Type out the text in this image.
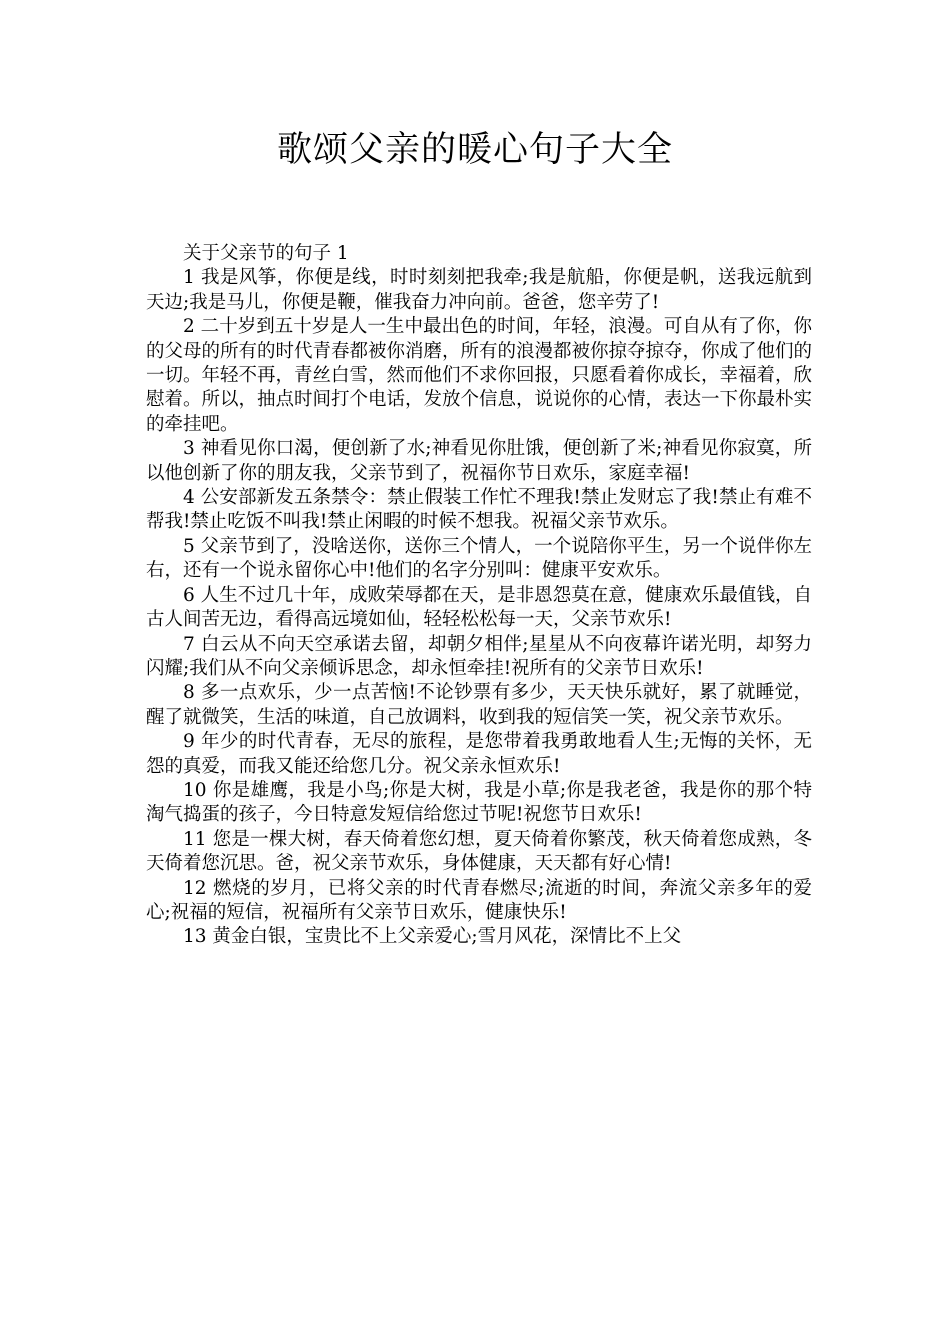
歌颂父亲的暖心句子大全

关于父亲节的句子 1

1 我是风筝，你便是线，时时刻刻把我牵;我是航船，你便是帆，送我远航到天边;我是马儿，你便是鞭，催我奋力冲向前。爸爸，您辛劳了!

2 二十岁到五十岁是人一生中最出色的时间，年轻，浪漫。可自从有了你，你的父母的所有的时代青春都被你消磨，所有的浪漫都被你掠夺掠夺，你成了他们的一切。年轻不再，青丝白雪，然而他们不求你回报，只愿看着你成长，幸福着，欣慰着。所以，抽点时间打个电话，发放个信息，说说你的心情，表达一下你最朴实的牵挂吧。

3 神看见你口渴，便创新了水;神看见你肚饿，便创新了米;神看见你寂寞，所以他创新了你的朋友我，父亲节到了，祝福你节日欢乐，家庭幸福!

4 公安部新发五条禁令：禁止假装工作忙不理我!禁止发财忘了我!禁止有难不帮我!禁止吃饭不叫我!禁止闲暇的时候不想我。祝福父亲节欢乐。

5 父亲节到了，没啥送你，送你三个情人，一个说陪你平生，另一个说伴你左右，还有一个说永留你心中!他们的名字分别叫：健康平安欢乐。

6 人生不过几十年，成败荣辱都在天，是非恩怨莫在意，健康欢乐最值钱，自古人间苦无边，看得高远境如仙，轻轻松松每一天，父亲节欢乐!

7 白云从不向天空承诺去留，却朝夕相伴;星星从不向夜幕许诺光明，却努力闪耀;我们从不向父亲倾诉思念，却永恒牵挂!祝所有的父亲节日欢乐!

8 多一点欢乐，少一点苦恼!不论钞票有多少，天天快乐就好，累了就睡觉，醒了就微笑，生活的味道，自己放调料，收到我的短信笑一笑，祝父亲节欢乐。

9 年少的时代青春，无尽的旅程，是您带着我勇敢地看人生;无悔的关怀，无怨的真爱，而我又能还给您几分。祝父亲永恒欢乐!

10 你是雄鹰，我是小鸟;你是大树，我是小草;你是我老爸，我是你的那个特淘气捣蛋的孩子，今日特意发短信给您过节呢!祝您节日欢乐!

11 您是一棵大树，春天倚着您幻想，夏天倚着你繁茂，秋天倚着您成熟，冬天倚着您沉思。爸，祝父亲节欢乐，身体健康，天天都有好心情!

12 燃烧的岁月，已将父亲的时代青春燃尽;流逝的时间，奔流父亲多年的爱心;祝福的短信，祝福所有父亲节日欢乐，健康快乐!

13 黄金白银，宝贵比不上父亲爱心;雪月风花，深情比不上父
